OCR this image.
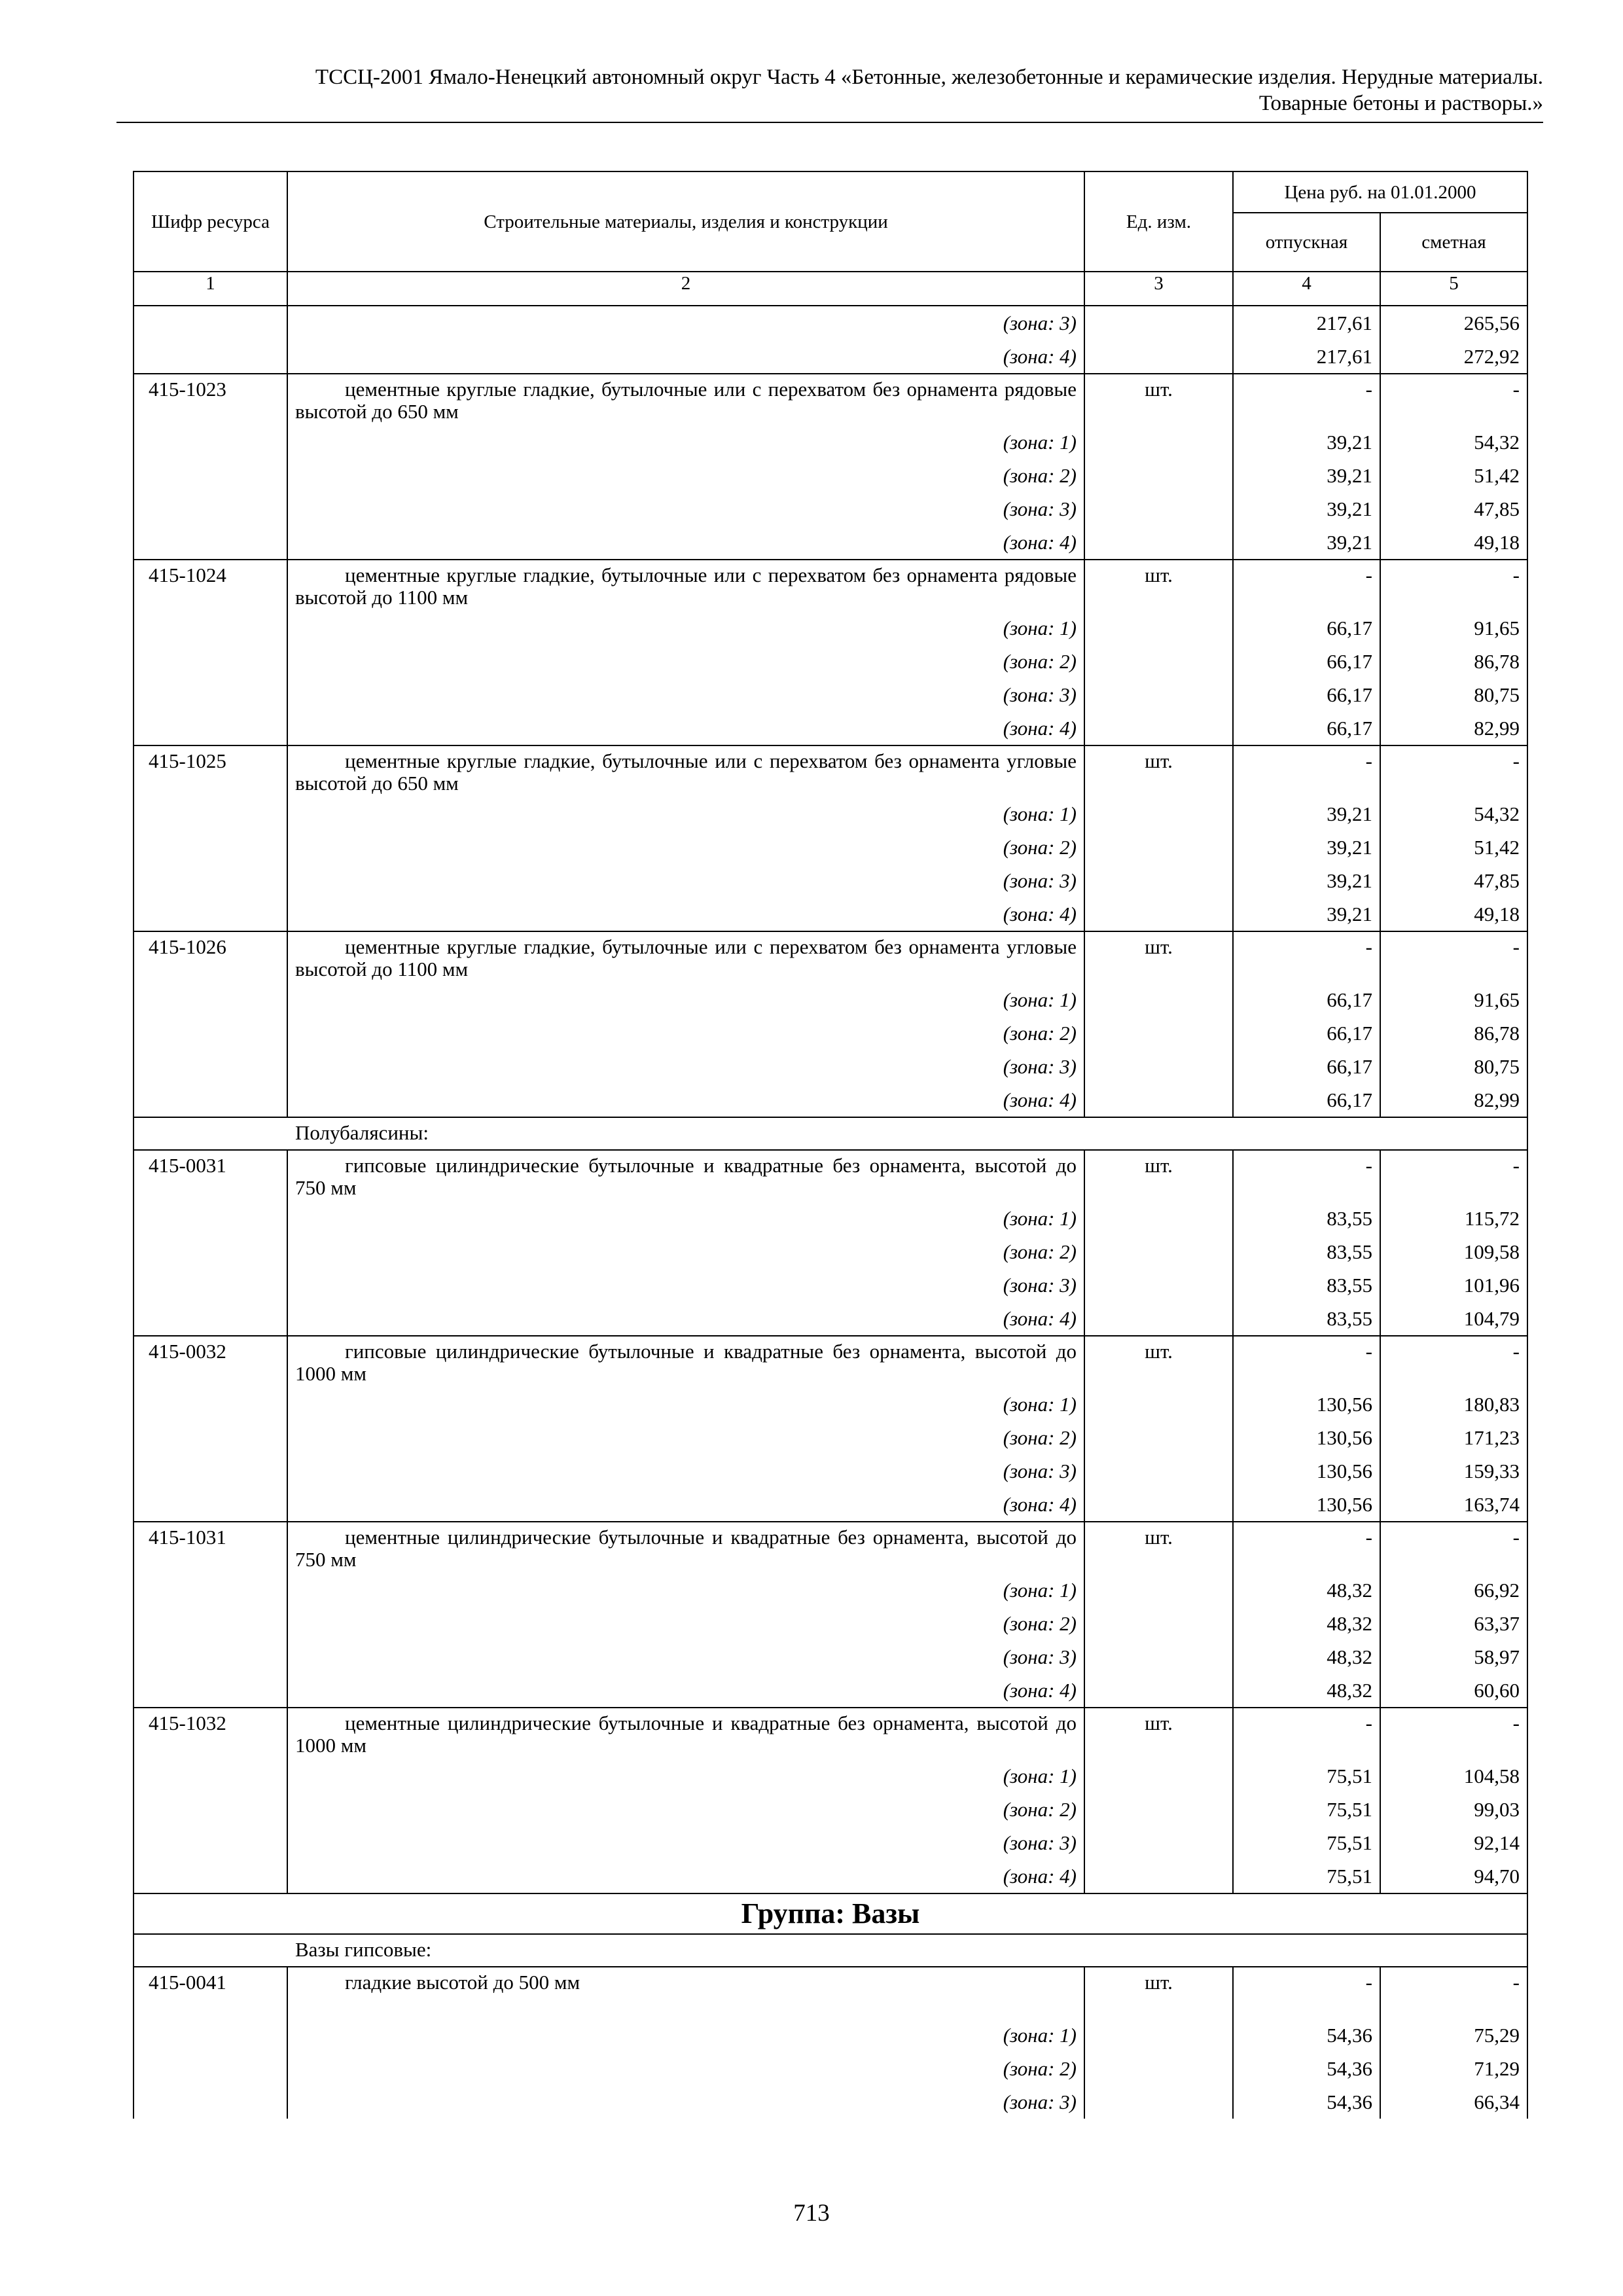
ТССЦ-2001 Ямало-Ненецкий автономный округ Часть 4 «Бетонные, железобетонные и керамические изделия. Нерудные материалы.
Товарные бетоны и растворы.»
Шифр ресурса	Строительные материалы, изделия и конструкции	Ед. изм.	Цена руб. на 01.01.2000	
			отпускная	сметная
1	2	3	4	5
	(зона: 3)		217,61	265,56
	(зона: 4)		217,61	272,92
415-1023	цементные круглые гладкие, бутылочные или с перехватом без орнамента рядовые высотой до 650 мм	шт.	-	-
	(зона: 1)		39,21	54,32
	(зона: 2)		39,21	51,42
	(зона: 3)		39,21	47,85
	(зона: 4)		39,21	49,18
415-1024	цементные круглые гладкие, бутылочные или с перехватом без орнамента рядовые высотой до 1100 мм	шт.	-	-
	(зона: 1)		66,17	91,65
	(зона: 2)		66,17	86,78
	(зона: 3)		66,17	80,75
	(зона: 4)		66,17	82,99
415-1025	цементные круглые гладкие, бутылочные или с перехватом без орнамента угловые высотой до 650 мм	шт.	-	-
	(зона: 1)		39,21	54,32
	(зона: 2)		39,21	51,42
	(зона: 3)		39,21	47,85
	(зона: 4)		39,21	49,18
415-1026	цементные круглые гладкие, бутылочные или с перехватом без орнамента угловые высотой до 1100 мм	шт.	-	-
	(зона: 1)		66,17	91,65
	(зона: 2)		66,17	86,78
	(зона: 3)		66,17	80,75
	(зона: 4)		66,17	82,99
Полубалясины:				
415-0031	гипсовые цилиндрические бутылочные и квадратные без орнамента, высотой до 750 мм	шт.	-	-
	(зона: 1)		83,55	115,72
	(зона: 2)		83,55	109,58
	(зона: 3)		83,55	101,96
	(зона: 4)		83,55	104,79
415-0032	гипсовые цилиндрические бутылочные и квадратные без орнамента, высотой до 1000 мм	шт.	-	-
	(зона: 1)		130,56	180,83
	(зона: 2)		130,56	171,23
	(зона: 3)		130,56	159,33
	(зона: 4)		130,56	163,74
415-1031	цементные цилиндрические бутылочные и квадратные без орнамента, высотой до 750 мм	шт.	-	-
	(зона: 1)		48,32	66,92
	(зона: 2)		48,32	63,37
	(зона: 3)		48,32	58,97
	(зона: 4)		48,32	60,60
415-1032	цементные цилиндрические бутылочные и квадратные без орнамента, высотой до 1000 мм	шт.	-	-
	(зона: 1)		75,51	104,58
	(зона: 2)		75,51	99,03
	(зона: 3)		75,51	92,14
	(зона: 4)		75,51	94,70
Группа: Вазы				
Вазы гипсовые:				
415-0041	гладкие высотой до 500 мм	шт.	-	-
	(зона: 1)		54,36	75,29
	(зона: 2)		54,36	71,29
	(зона: 3)		54,36	66,34
713
